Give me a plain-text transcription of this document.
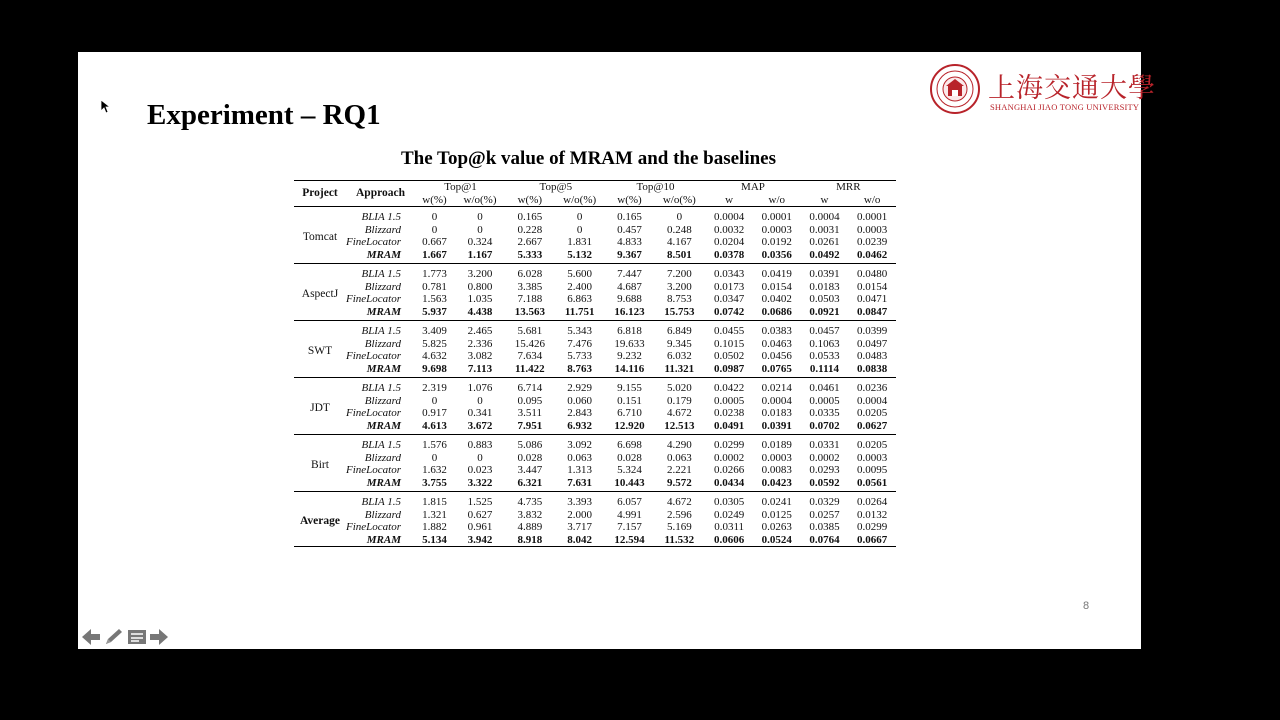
上海交通大學
SHANGHAI JIAO TONG UNIVERSITY
Experiment – RQ1
The Top@k value of MRAM and the baselines
Project	Approach	Top@1		Top@5		Top@10		MAP		MRR	
		w(%)	w/o(%)	w(%)	w/o(%)	w(%)	w/o(%)	w	w/o	w	w/o
Tomcat	BLIA 1.5	0	0	0.165	0	0.165	0	0.0004	0.0001	0.0004	0.0001
	Blizzard	0	0	0.228	0	0.457	0.248	0.0032	0.0003	0.0031	0.0003
	FineLocator	0.667	0.324	2.667	1.831	4.833	4.167	0.0204	0.0192	0.0261	0.0239
	MRAM	1.667	1.167	5.333	5.132	9.367	8.501	0.0378	0.0356	0.0492	0.0462
AspectJ	BLIA 1.5	1.773	3.200	6.028	5.600	7.447	7.200	0.0343	0.0419	0.0391	0.0480
	Blizzard	0.781	0.800	3.385	2.400	4.687	3.200	0.0173	0.0154	0.0183	0.0154
	FineLocator	1.563	1.035	7.188	6.863	9.688	8.753	0.0347	0.0402	0.0503	0.0471
	MRAM	5.937	4.438	13.563	11.751	16.123	15.753	0.0742	0.0686	0.0921	0.0847
SWT	BLIA 1.5	3.409	2.465	5.681	5.343	6.818	6.849	0.0455	0.0383	0.0457	0.0399
	Blizzard	5.825	2.336	15.426	7.476	19.633	9.345	0.1015	0.0463	0.1063	0.0497
	FineLocator	4.632	3.082	7.634	5.733	9.232	6.032	0.0502	0.0456	0.0533	0.0483
	MRAM	9.698	7.113	11.422	8.763	14.116	11.321	0.0987	0.0765	0.1114	0.0838
JDT	BLIA 1.5	2.319	1.076	6.714	2.929	9.155	5.020	0.0422	0.0214	0.0461	0.0236
	Blizzard	0	0	0.095	0.060	0.151	0.179	0.0005	0.0004	0.0005	0.0004
	FineLocator	0.917	0.341	3.511	2.843	6.710	4.672	0.0238	0.0183	0.0335	0.0205
	MRAM	4.613	3.672	7.951	6.932	12.920	12.513	0.0491	0.0391	0.0702	0.0627
Birt	BLIA 1.5	1.576	0.883	5.086	3.092	6.698	4.290	0.0299	0.0189	0.0331	0.0205
	Blizzard	0	0	0.028	0.063	0.028	0.063	0.0002	0.0003	0.0002	0.0003
	FineLocator	1.632	0.023	3.447	1.313	5.324	2.221	0.0266	0.0083	0.0293	0.0095
	MRAM	3.755	3.322	6.321	7.631	10.443	9.572	0.0434	0.0423	0.0592	0.0561
Average	BLIA 1.5	1.815	1.525	4.735	3.393	6.057	4.672	0.0305	0.0241	0.0329	0.0264
	Blizzard	1.321	0.627	3.832	2.000	4.991	2.596	0.0249	0.0125	0.0257	0.0132
	FineLocator	1.882	0.961	4.889	3.717	7.157	5.169	0.0311	0.0263	0.0385	0.0299
	MRAM	5.134	3.942	8.918	8.042	12.594	11.532	0.0606	0.0524	0.0764	0.0667
8
